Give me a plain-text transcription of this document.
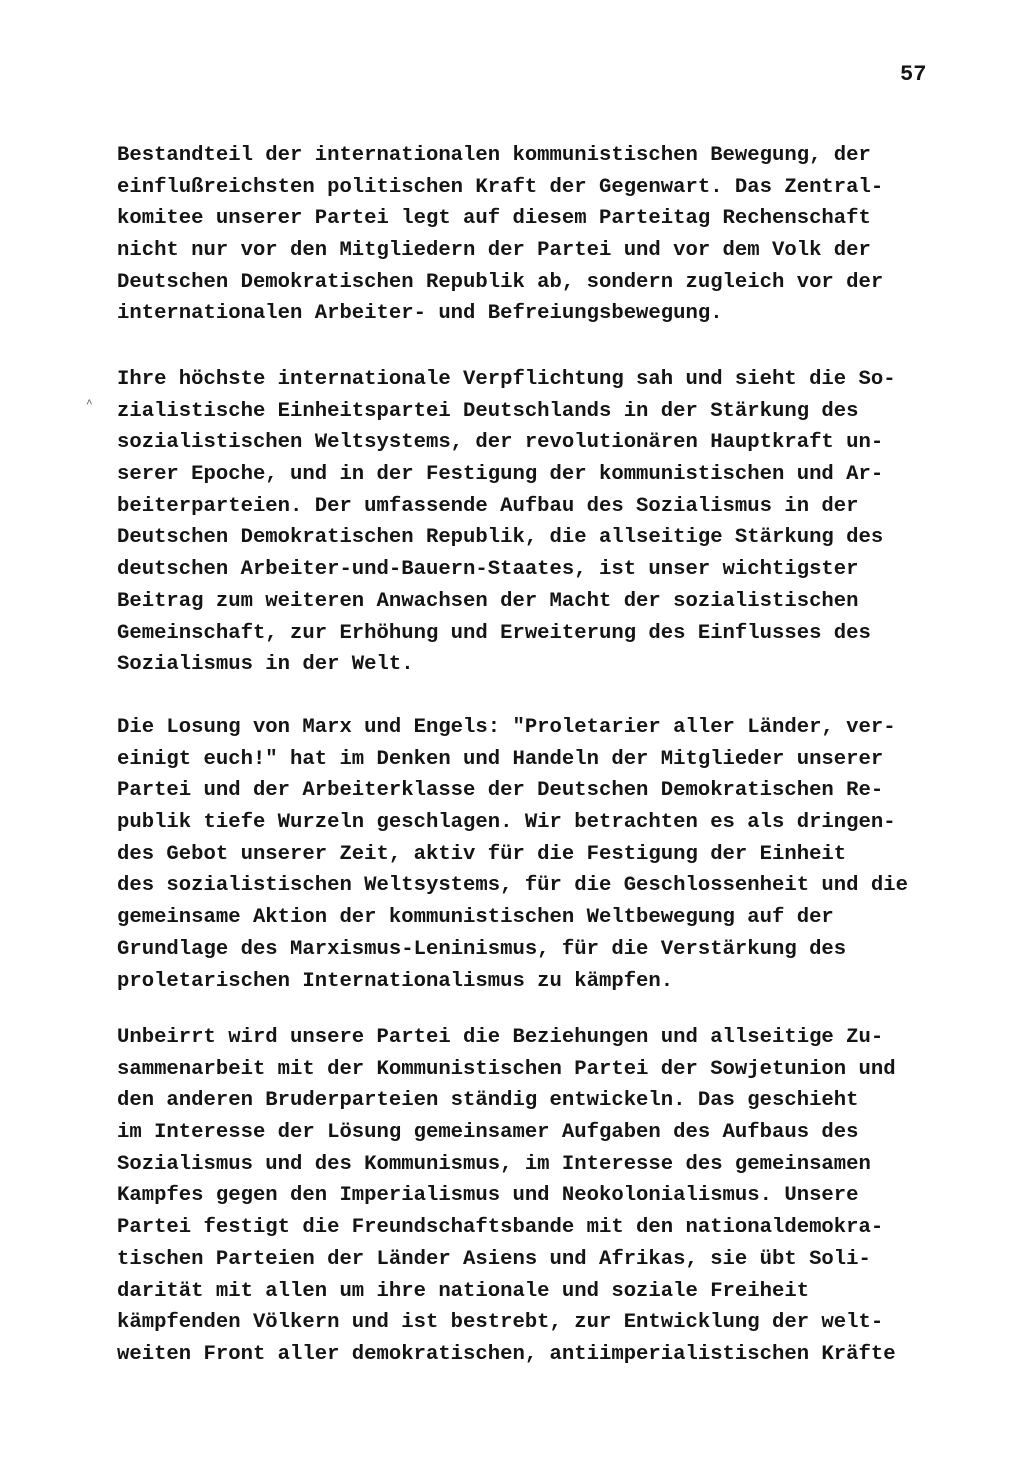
57
^
Bestandteil der internationalen kommunistischen Bewegung, der
einflußreichsten politischen Kraft der Gegenwart. Das Zentral-
komitee unserer Partei legt auf diesem Parteitag Rechenschaft
nicht nur vor den Mitgliedern der Partei und vor dem Volk der
Deutschen Demokratischen Republik ab, sondern zugleich vor der
internationalen Arbeiter- und Befreiungsbewegung.
Ihre höchste internationale Verpflichtung sah und sieht die So-
zialistische Einheitspartei Deutschlands in der Stärkung des
sozialistischen Weltsystems, der revolutionären Hauptkraft un-
serer Epoche, und in der Festigung der kommunistischen und Ar-
beiterparteien. Der umfassende Aufbau des Sozialismus in der
Deutschen Demokratischen Republik, die allseitige Stärkung des
deutschen Arbeiter-und-Bauern-Staates, ist unser wichtigster
Beitrag zum weiteren Anwachsen der Macht der sozialistischen
Gemeinschaft, zur Erhöhung und Erweiterung des Einflusses des
Sozialismus in der Welt.
Die Losung von Marx und Engels: "Proletarier aller Länder, ver-
einigt euch!" hat im Denken und Handeln der Mitglieder unserer
Partei und der Arbeiterklasse der Deutschen Demokratischen Re-
publik tiefe Wurzeln geschlagen. Wir betrachten es als dringen-
des Gebot unserer Zeit, aktiv für die Festigung der Einheit
des sozialistischen Weltsystems, für die Geschlossenheit und die
gemeinsame Aktion der kommunistischen Weltbewegung auf der
Grundlage des Marxismus-Leninismus, für die Verstärkung des
proletarischen Internationalismus zu kämpfen.
Unbeirrt wird unsere Partei die Beziehungen und allseitige Zu-
sammenarbeit mit der Kommunistischen Partei der Sowjetunion und
den anderen Bruderparteien ständig entwickeln. Das geschieht
im Interesse der Lösung gemeinsamer Aufgaben des Aufbaus des
Sozialismus und des Kommunismus, im Interesse des gemeinsamen
Kampfes gegen den Imperialismus und Neokolonialismus. Unsere
Partei festigt die Freundschaftsbande mit den nationaldemokra-
tischen Parteien der Länder Asiens und Afrikas, sie übt Soli-
darität mit allen um ihre nationale und soziale Freiheit
kämpfenden Völkern und ist bestrebt, zur Entwicklung der welt-
weiten Front aller demokratischen, antiimperialistischen Kräfte
